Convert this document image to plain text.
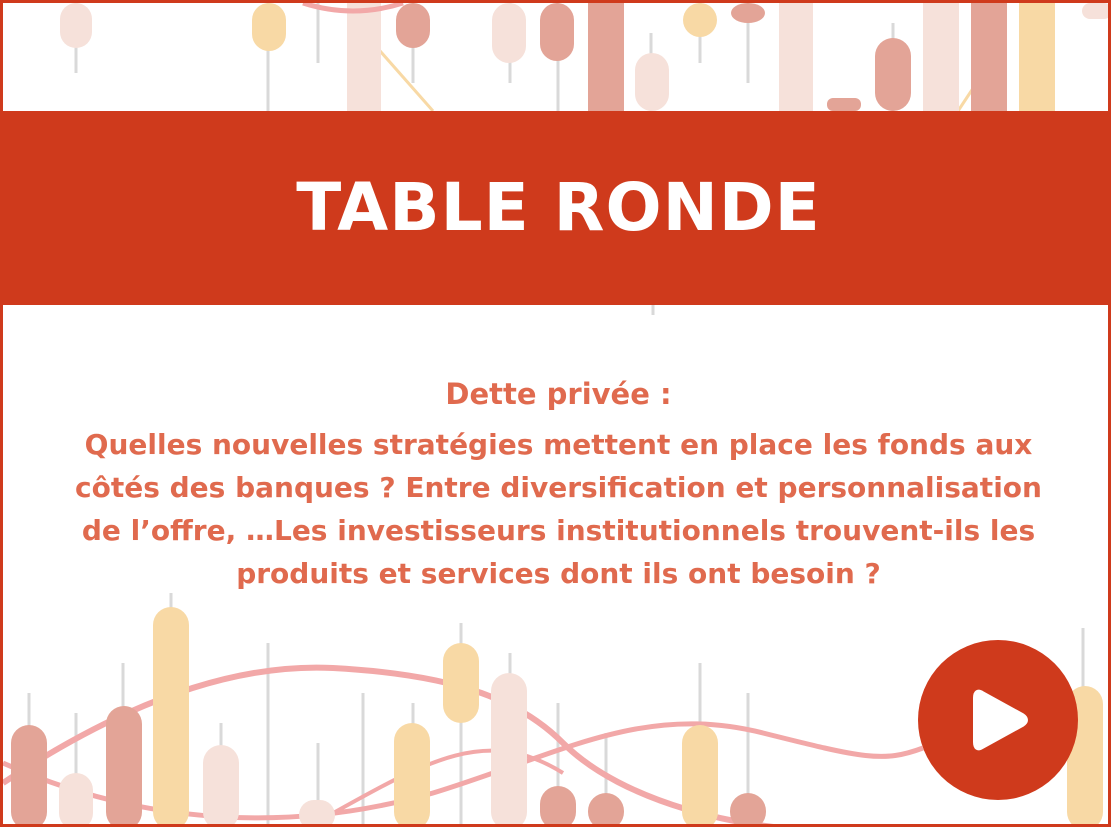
TABLE RONDE

Dette privée :

Quelles nouvelles stratégies mettent en place les fonds aux côtés des banques ? Entre diversification et personnalisation de l’offre, …Les investisseurs institutionnels trouvent-ils les produits et services dont ils ont besoin ?
